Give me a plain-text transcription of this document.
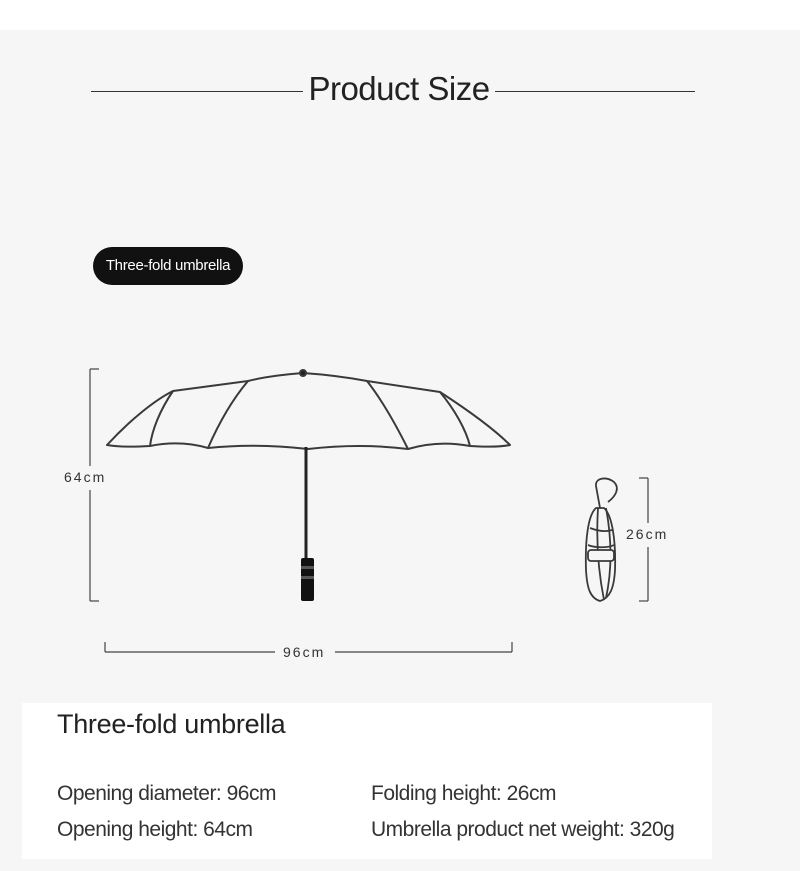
Product Size
Three-fold umbrella
64cm
96cm
26cm
Three-fold umbrella
Opening diameter: 96cm	Folding height: 26cm
Opening height: 64cm	Umbrella product net weight: 320g
